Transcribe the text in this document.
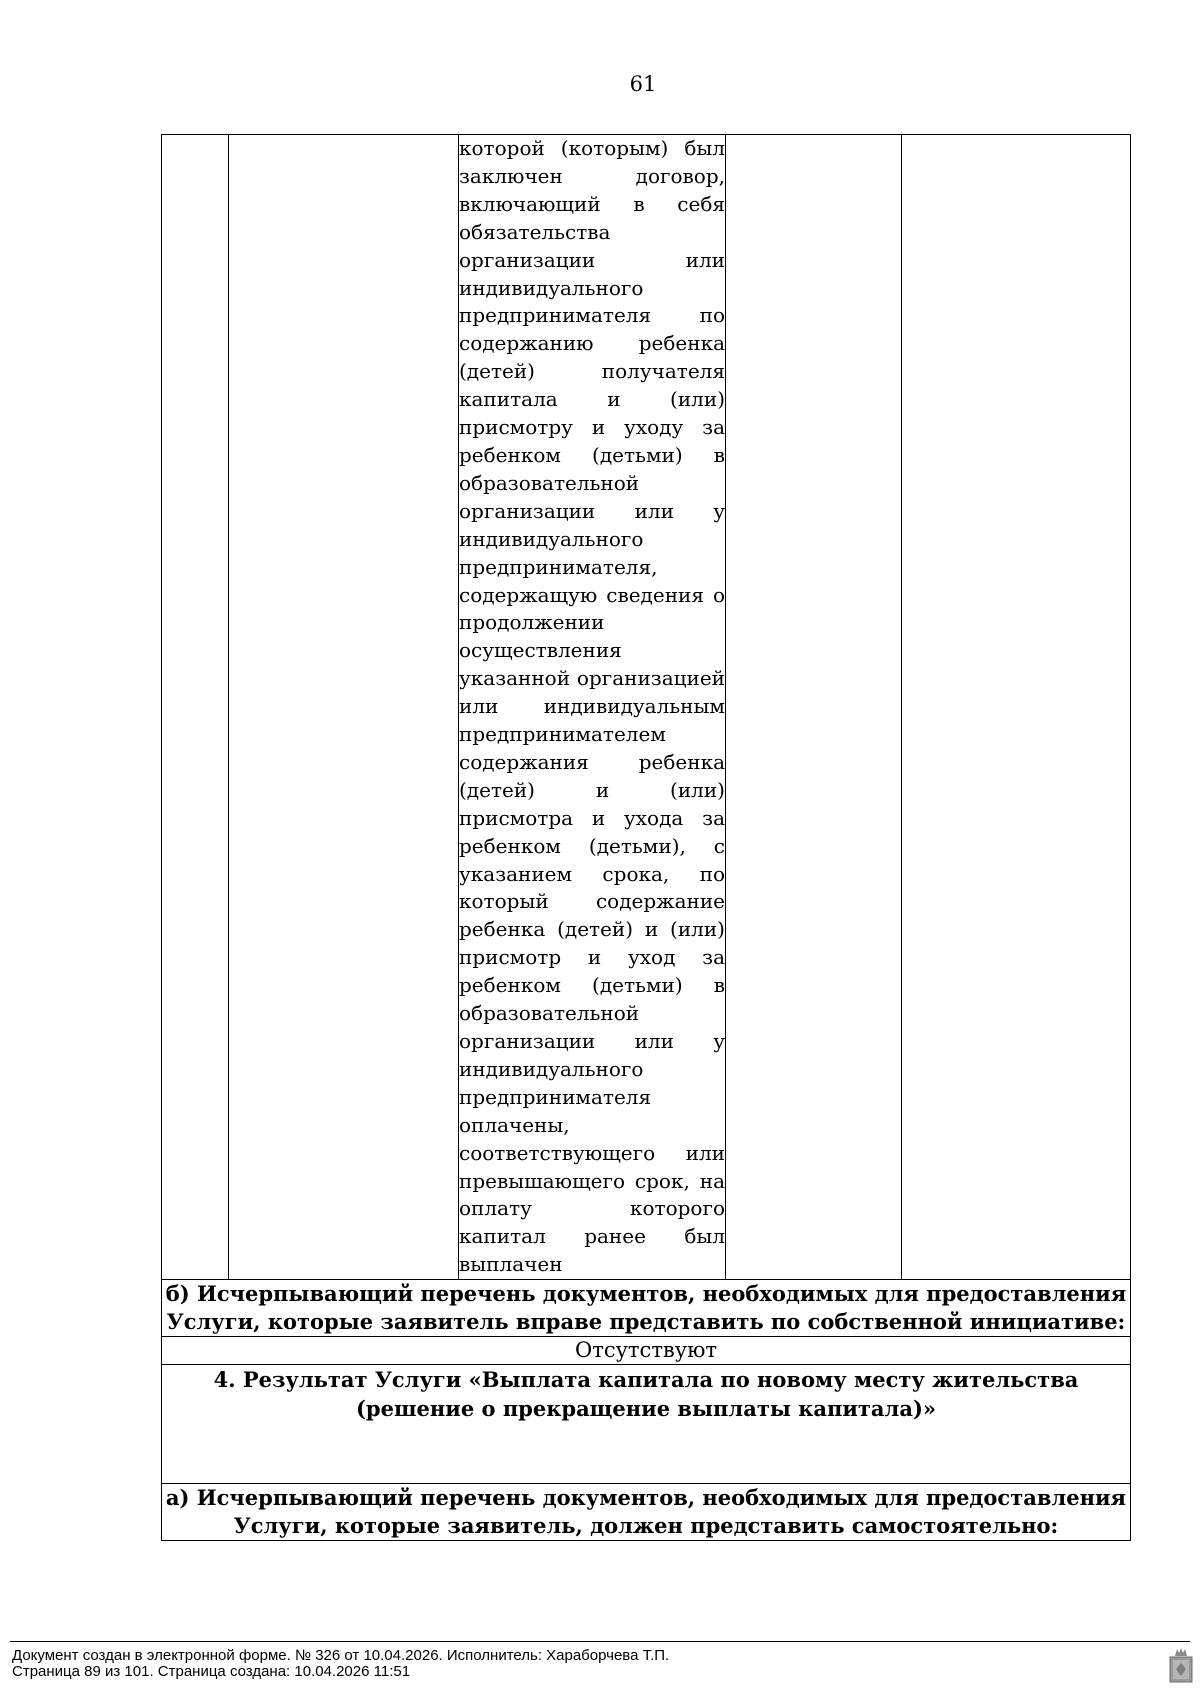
61
		которой (которым) был заключен договор, включающий в себя обязательства организации или индивидуального предпринимателя по содержанию ребенка (детей) получателя капитала и (или) присмотру и уходу за ребенком (детьми) в образовательной организации или у индивидуального предпринимателя, содержащую сведения о продолжении осуществления указанной организацией или индивидуальным предпринимателем содержания ребенка (детей) и (или) присмотра и ухода за ребенком (детьми), с указанием срока, по который содержание ребенка (детей) и (или) присмотр и уход за ребенком (детьми) в образовательной организации или у индивидуального предпринимателя оплачены, соответствующего или превышающего срок, на оплату которого капитал ранее был выплачен		
б) Исчерпывающий перечень документов, необходимых для предоставления Услуги, которые заявитель вправе представить по собственной инициативе:
Отсутствуют
4. Результат Услуги «Выплата капитала по новому месту жительства (решение о прекращение выплаты капитала)»
а) Исчерпывающий перечень документов, необходимых для предоставления Услуги, которые заявитель, должен представить самостоятельно:
Документ создан в электронной форме. № 326 от 10.04.2026. Исполнитель: Хараборчева Т.П.
Страница 89 из 101. Страница создана: 10.04.2026 11:51
